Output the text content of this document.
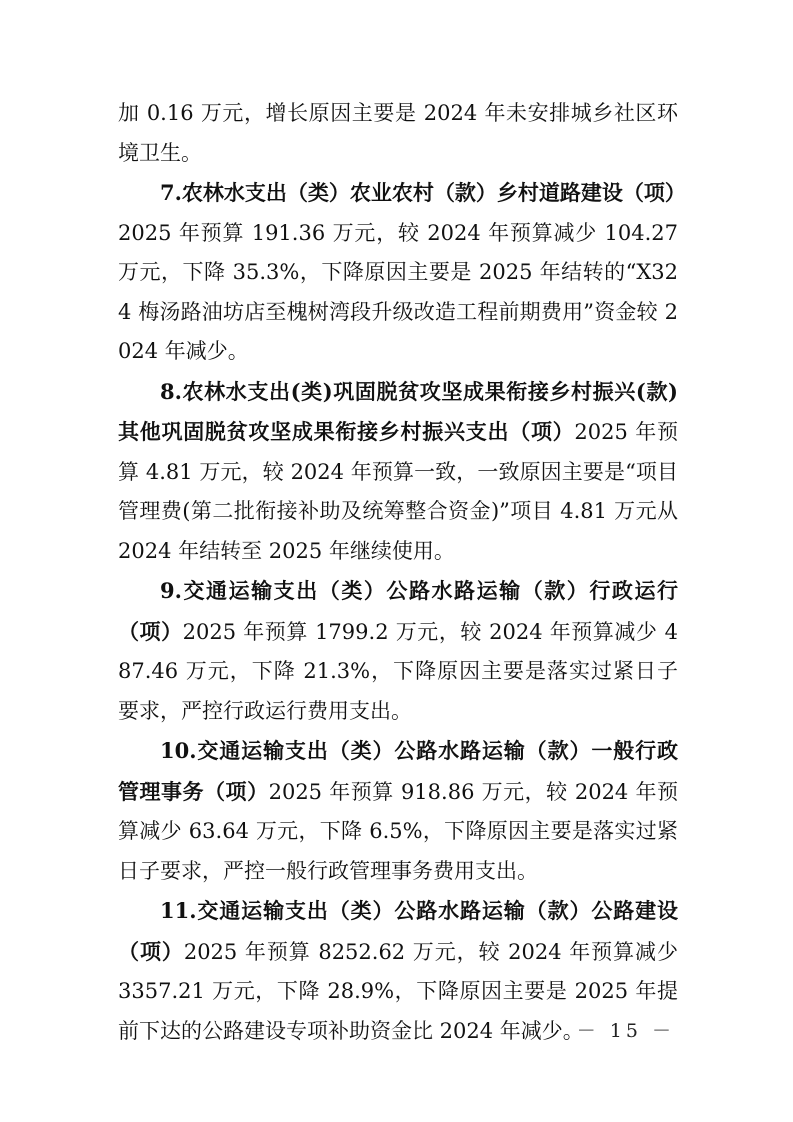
加 0.16 万元，增长原因主要是 2024 年未安排城乡社区环境卫生。

7.农林水支出（类）农业农村（款）乡村道路建设（项）2025 年预算 191.36 万元，较 2024 年预算减少 104.27 万元，下降 35.3%，下降原因主要是 2025 年结转的“X324 梅汤路油坊店至槐树湾段升级改造工程前期费用”资金较 2024 年减少。

8.农林水支出(类)巩固脱贫攻坚成果衔接乡村振兴(款)其他巩固脱贫攻坚成果衔接乡村振兴支出（项）2025 年预算 4.81 万元，较 2024 年预算一致，一致原因主要是“项目管理费(第二批衔接补助及统筹整合资金)”项目 4.81 万元从 2024 年结转至 2025 年继续使用。

9.交通运输支出（类）公路水路运输（款）行政运行（项）2025 年预算 1799.2 万元，较 2024 年预算减少 487.46 万元，下降 21.3%，下降原因主要是落实过紧日子要求，严控行政运行费用支出。

10.交通运输支出（类）公路水路运输（款）一般行政管理事务（项）2025 年预算 918.86 万元，较 2024 年预算减少 63.64 万元，下降 6.5%，下降原因主要是落实过紧日子要求，严控一般行政管理事务费用支出。

11.交通运输支出（类）公路水路运输（款）公路建设（项）2025 年预算 8252.62 万元，较 2024 年预算减少 3357.21 万元，下降 28.9%，下降原因主要是 2025 年提前下达的公路建设专项补助资金比 2024 年减少。

－ 15 －
